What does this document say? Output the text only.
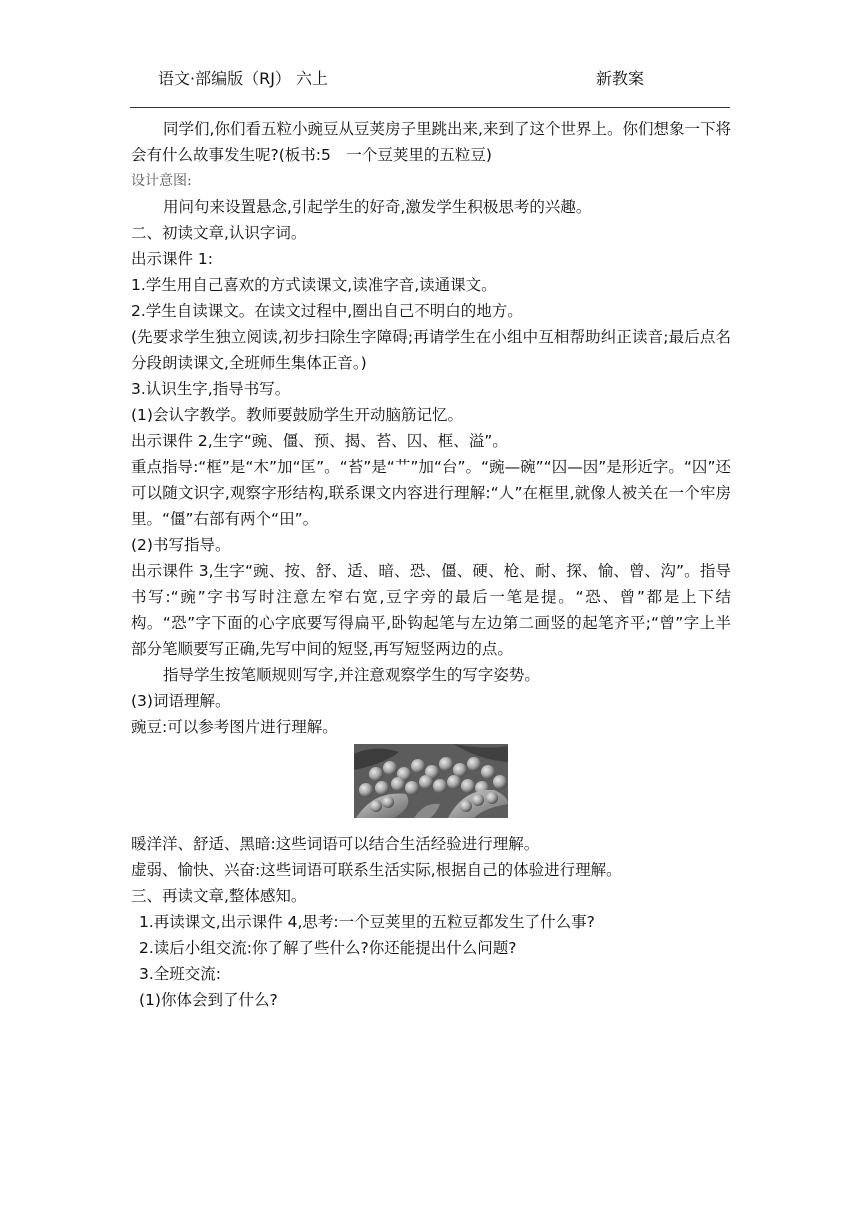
语文·部编版（RJ） 六上	新教案

同学们,你们看五粒小豌豆从豆荚房子里跳出来,来到了这个世界上。你们想象一下将会有什么故事发生呢?(板书:5　一个豆荚里的五粒豆)

设计意图:

用问句来设置悬念,引起学生的好奇,激发学生积极思考的兴趣。

二、初读文章,认识字词。

出示课件 1:

1.学生用自己喜欢的方式读课文,读准字音,读通课文。

2.学生自读课文。在读文过程中,圈出自己不明白的地方。

(先要求学生独立阅读,初步扫除生字障碍;再请学生在小组中互相帮助纠正读音;最后点名分段朗读课文,全班师生集体正音。)

3.认识生字,指导书写。

(1)会认字教学。教师要鼓励学生开动脑筋记忆。

出示课件 2,生字“豌、僵、预、揭、苔、囚、框、溢”。

重点指导:“框”是“木”加“匡”。“苔”是“艹”加“台”。“豌—碗”“囚—因”是形近字。“囚”还可以随文识字,观察字形结构,联系课文内容进行理解:“人”在框里,就像人被关在一个牢房里。“僵”右部有两个“田”。

(2)书写指导。

出示课件 3,生字“豌、按、舒、适、暗、恐、僵、硬、枪、耐、探、愉、曾、沟”。指导书写:“豌”字书写时注意左窄右宽,豆字旁的最后一笔是提。“恐、曾”都是上下结构。“恐”字下面的心字底要写得扁平,卧钩起笔与左边第二画竖的起笔齐平;“曾”字上半部分笔顺要写正确,先写中间的短竖,再写短竖两边的点。

指导学生按笔顺规则写字,并注意观察学生的写字姿势。

(3)词语理解。

豌豆:可以参考图片进行理解。

暖洋洋、舒适、黑暗:这些词语可以结合生活经验进行理解。

虚弱、愉快、兴奋:这些词语可联系生活实际,根据自己的体验进行理解。

三、再读文章,整体感知。

1.再读课文,出示课件 4,思考:一个豆荚里的五粒豆都发生了什么事?

2.读后小组交流:你了解了些什么?你还能提出什么问题?

3.全班交流:

(1)你体会到了什么?
